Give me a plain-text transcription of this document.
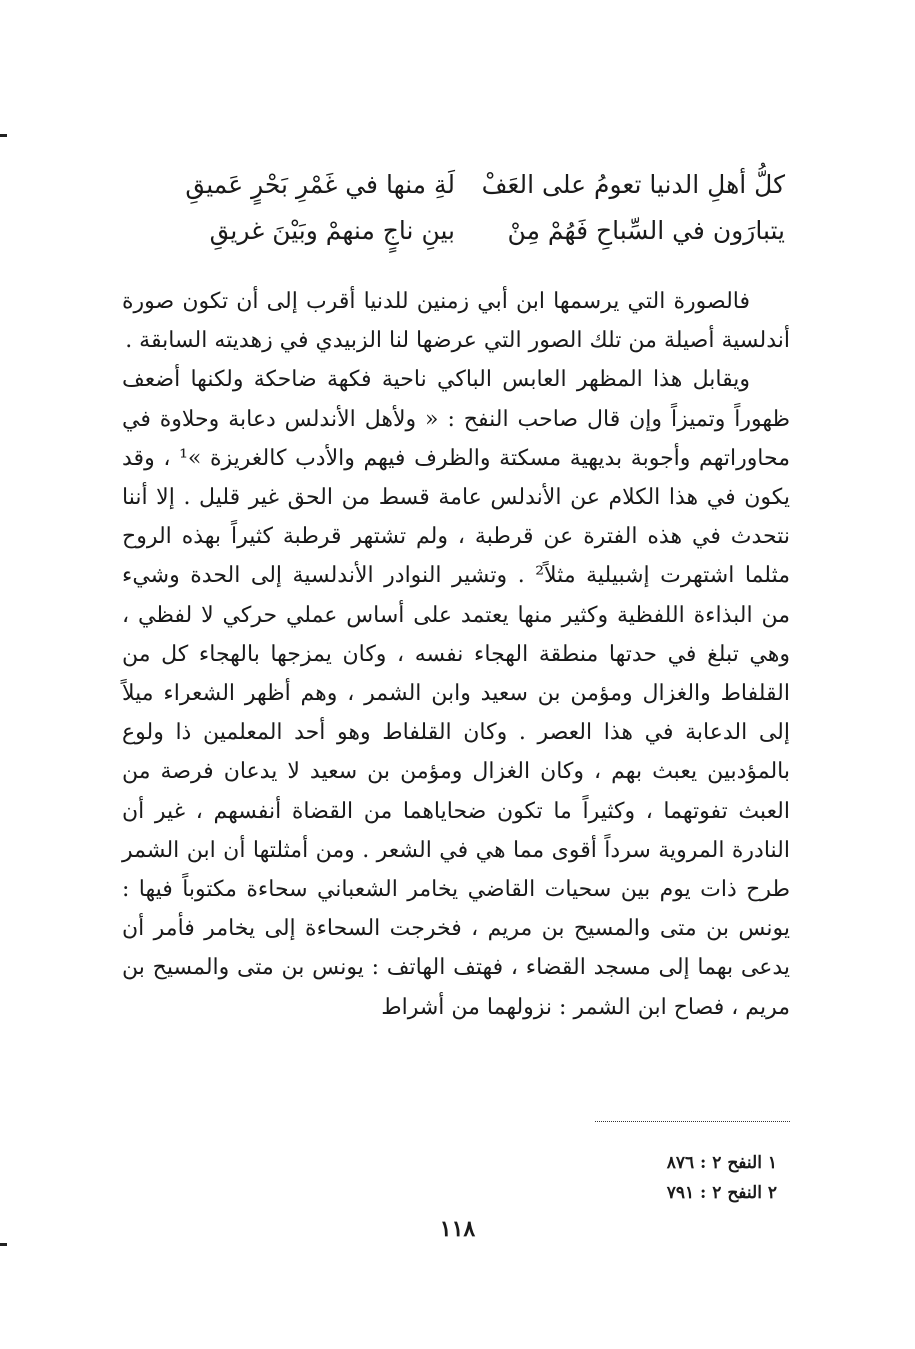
كلُّ أهلِ الدنيا تعومُ على العَفْ
لَةِ منها في غَمْرِ بَحْرٍ عَميقِ
يتبارَون في السِّباحِ فَهُمْ مِنْ
بينِ ناجٍ منهمْ وبَيْنَ غريقِ

فالصورة التي يرسمها ابن أبي زمنين للدنيا أقرب إلى أن تكون صورة أندلسية أصيلة من تلك الصور التي عرضها لنا الزبيدي في زهديته السابقة .

ويقابل هذا المظهر العابس الباكي ناحية فكهة ضاحكة ولكنها أضعف ظهوراً وتميزاً وإن قال صاحب النفح : « ولأهل الأندلس دعابة وحلاوة في محاوراتهم وأجوبة بديهية مسكتة والظرف فيهم والأدب كالغريزة »¹ ، وقد يكون في هذا الكلام عن الأندلس عامة قسط من الحق غير قليل . إلا أننا نتحدث في هذه الفترة عن قرطبة ، ولم تشتهر قرطبة كثيراً بهذه الروح مثلما اشتهرت إشبيلية مثلاً² . وتشير النوادر الأندلسية إلى الحدة وشيء من البذاءة اللفظية وكثير منها يعتمد على أساس عملي حركي لا لفظي ، وهي تبلغ في حدتها منطقة الهجاء نفسه ، وكان يمزجها بالهجاء كل من القلفاط والغزال ومؤمن بن سعيد وابن الشمر ، وهم أظهر الشعراء ميلاً إلى الدعابة في هذا العصر . وكان القلفاط وهو أحد المعلمين ذا ولوع بالمؤدبين يعبث بهم ، وكان الغزال ومؤمن بن سعيد لا يدعان فرصة من العبث تفوتهما ، وكثيراً ما تكون ضحاياهما من القضاة أنفسهم ، غير أن النادرة المروية سرداً أقوى مما هي في الشعر . ومن أمثلتها أن ابن الشمر طرح ذات يوم بين سحيات القاضي يخامر الشعباني سحاءة مكتوباً فيها : يونس بن متى والمسيح بن مريم ، فخرجت السحاءة إلى يخامر فأمر أن يدعى بهما إلى مسجد القضاء ، فهتف الهاتف : يونس بن متى والمسيح بن مريم ، فصاح ابن الشمر : نزولهما من أشراط

١ النفح ٢ : ٨٧٦
٢ النفح ٢ : ٧٩١
١١٨
